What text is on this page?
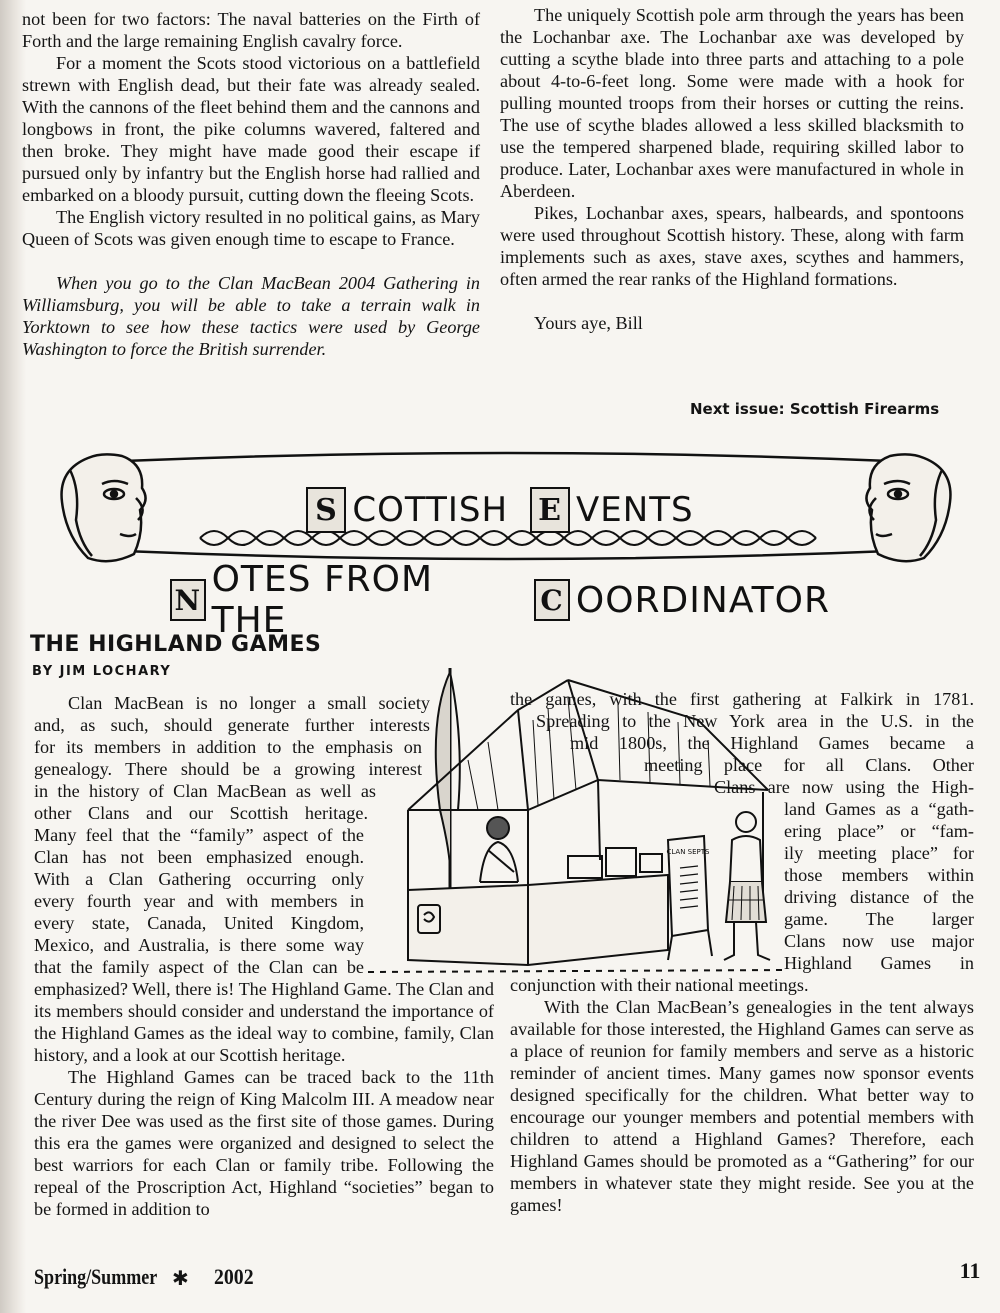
not been for two factors: The naval batteries on the Firth of Forth and the large remaining English cavalry force.

For a moment the Scots stood victorious on a battlefield strewn with English dead, but their fate was already sealed. With the cannons of the fleet behind them and the cannons and longbows in front, the pike columns wavered, faltered and then broke. They might have made good their escape if pursued only by infantry but the English horse had rallied and embarked on a bloody pursuit, cutting down the fleeing Scots.

The English victory resulted in no political gains, as Mary Queen of Scots was given enough time to escape to France.

When you go to the Clan MacBean 2004 Gathering in Williamsburg, you will be able to take a terrain walk in Yorktown to see how these tactics were used by George Washington to force the British surrender.

The uniquely Scottish pole arm through the years has been the Lochanbar axe. The Lochanbar axe was developed by cutting a scythe blade into three parts and attaching to a pole about 4-to-6-feet long. Some were made with a hook for pulling mounted troops from their horses or cutting the reins. The use of scythe blades allowed a less skilled blacksmith to use the tempered sharpened blade, requiring skilled labor to produce. Later, Lochanbar axes were manufactured in whole in Aberdeen.

Pikes, Lochanbar axes, spears, halbeards, and spontoons were used throughout Scottish history. These, along with farm implements such as axes, stave axes, scythes and hammers, often armed the rear ranks of the Highland formations.

Yours aye, Bill

Next issue: Scottish Firearms
S COTTISH E VENTS
N OTES FROM THE	C OORDINATOR
THE HIGHLAND GAMES
BY JIM LOCHARY
CLAN SEPTS
Clan MacBean is no longer a small society
and, as such, should generate further interests
for its members in addition to the emphasis on
genealogy. There should be a growing interest
in the history of Clan MacBean as well as
other Clans and our Scottish heritage.
Many feel that the “family” aspect of the
Clan has not been emphasized enough.
With a Clan Gathering occurring only
every fourth year and with members in
every state, Canada, United Kingdom,
Mexico, and Australia, is there some way
that the family aspect of the Clan can be

emphasized? Well, there is! The Highland Game. The Clan and its members should consider and understand the importance of the Highland Games as the ideal way to combine, family, Clan history, and a look at our Scottish heritage.

The Highland Games can be traced back to the 11th Century during the reign of King Malcolm III. A meadow near the river Dee was used as the first site of those games. During this era the games were organized and designed to select the best warriors for each Clan or family tribe. Following the repeal of the Proscription Act, Highland “societies” began to be formed in addition to

the games, with the first gathering at Falkirk in 1781.
Spreading to the New York area in the U.S. in the
mid 1800s, the Highland Games became a
meeting place for all Clans. Other
Clans are now using the High-
land Games as a “gath-
ering place” or “fam-
ily meeting place” for
those members within
driving distance of the
game. The larger
Clans now use major
Highland Games in

conjunction with their national meetings.

With the Clan MacBean’s genealogies in the tent always available for those interested, the Highland Games can serve as a place of reunion for family members and serve as a historic reminder of ancient times. Many games now sponsor events designed specifically for the children. What better way to encourage our younger members and potential members with children to attend a Highland Games? Therefore, each Highland Games should be promoted as a “Gathering” for our members in whatever state they might reside. See you at the games!

Spring/Summer ✱ 2002	11
